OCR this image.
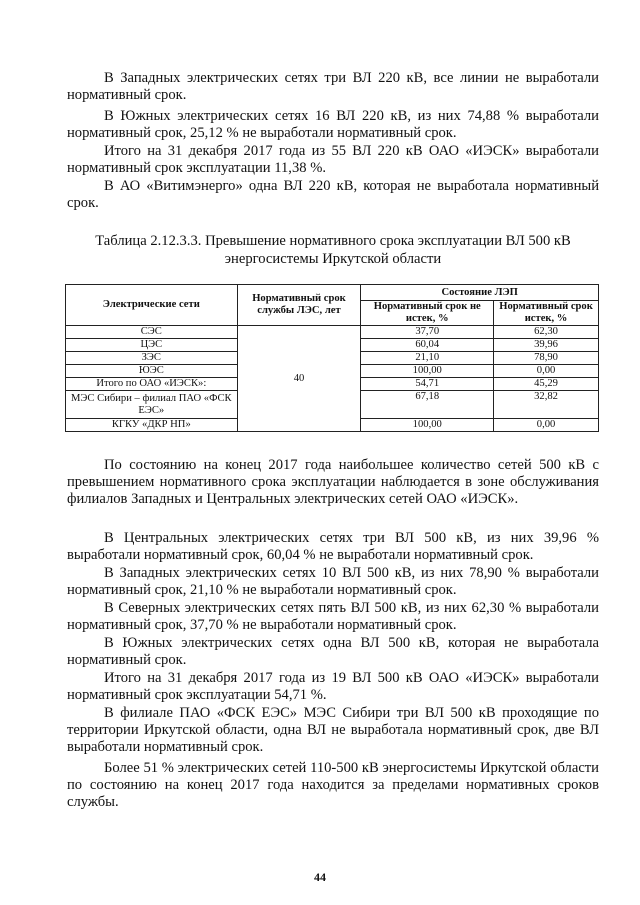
В Западных электрических сетях три ВЛ 220 кВ, все линии не выработали нормативный срок.

В Южных электрических сетях 16 ВЛ 220 кВ, из них 74,88 % выработали нормативный срок, 25,12 % не выработали нормативный срок.

Итого на 31 декабря 2017 года из 55 ВЛ 220 кВ ОАО «ИЭСК» выработали нормативный срок эксплуатации 11,38 %.

В АО «Витимэнерго» одна ВЛ 220 кВ, которая не выработала нормативный срок.

Таблица 2.12.3.3. Превышение нормативного срока эксплуатации ВЛ 500 кВ
энергосистемы Иркутской области
Электрические сети	Нормативный срок службы ЛЭС, лет	Состояние ЛЭП	
		Нормативный срок не истек, %	Нормативный срок истек, %
СЭС	40	37,70	62,30
ЦЭС		60,04	39,96
ЗЭС		21,10	78,90
ЮЭС		100,00	0,00
Итого по ОАО «ИЭСК»:		54,71	45,29
МЭС Сибири – филиал ПАО «ФСК ЕЭС»		67,18	32,82
КГКУ «ДКР НП»		100,00	0,00

По состоянию на конец 2017 года наибольшее количество сетей 500 кВ с превышением нормативного срока эксплуатации наблюдается в зоне обслуживания филиалов Западных и Центральных электрических сетей ОАО «ИЭСК».

В Центральных электрических сетях три ВЛ 500 кВ, из них 39,96 % выработали нормативный срок, 60,04 % не выработали нормативный срок.

В Западных электрических сетях 10 ВЛ 500 кВ, из них 78,90 % выработали нормативный срок, 21,10 % не выработали нормативный срок.

В Северных электрических сетях пять ВЛ 500 кВ, из них 62,30 % выработали нормативный срок, 37,70 % не выработали нормативный срок.

В Южных электрических сетях одна ВЛ 500 кВ, которая не выработала нормативный срок.

Итого на 31 декабря 2017 года из 19 ВЛ 500 кВ ОАО «ИЭСК» выработали нормативный срок эксплуатации 54,71 %.

В филиале ПАО «ФСК ЕЭС» МЭС Сибири три ВЛ 500 кВ проходящие по территории Иркутской области, одна ВЛ не выработала нормативный срок, две ВЛ выработали нормативный срок.

Более 51 % электрических сетей 110-500 кВ энергосистемы Иркутской области по состоянию на конец 2017 года находится за пределами нормативных сроков службы.

44
